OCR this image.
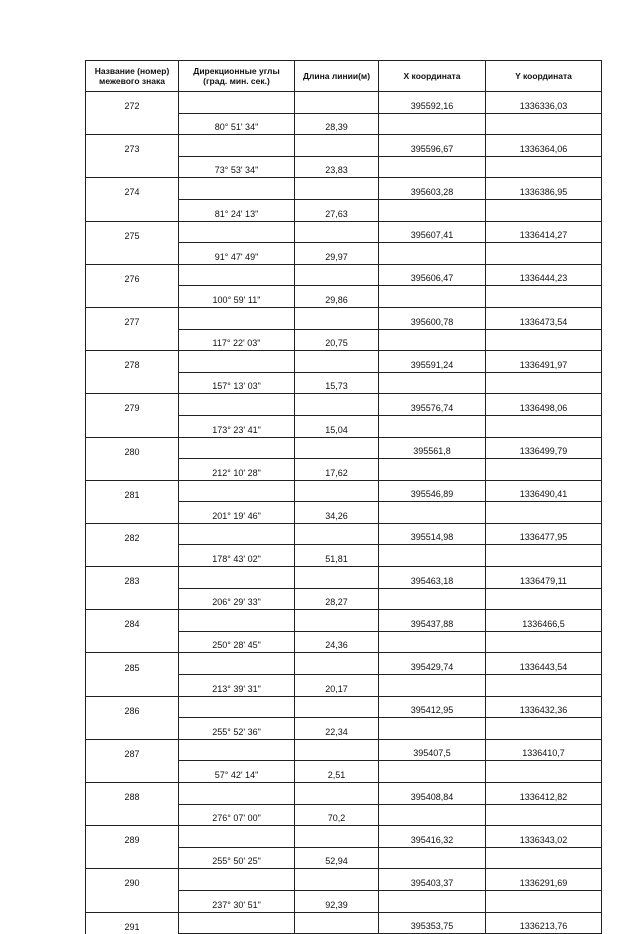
Название (номер) межевого знака	Дирекционные углы (град. мин. сек.)	Длина линии(м)	X координата	Y координата
272			395592,16	1336336,03
	80° 51' 34"	28,39		
273			395596,67	1336364,06
	73° 53' 34"	23,83		
274			395603,28	1336386,95
	81° 24' 13"	27,63		
275			395607,41	1336414,27
	91° 47' 49"	29,97		
276			395606,47	1336444,23
	100° 59' 11"	29,86		
277			395600,78	1336473,54
	117° 22' 03"	20,75		
278			395591,24	1336491,97
	157° 13' 03"	15,73		
279			395576,74	1336498,06
	173° 23' 41"	15,04		
280			395561,8	1336499,79
	212° 10' 28"	17,62		
281			395546,89	1336490,41
	201° 19' 46"	34,26		
282			395514,98	1336477,95
	178° 43' 02"	51,81		
283			395463,18	1336479,11
	206° 29' 33"	28,27		
284			395437,88	1336466,5
	250° 28' 45"	24,36		
285			395429,74	1336443,54
	213° 39' 31"	20,17		
286			395412,95	1336432,36
	255° 52' 36"	22,34		
287			395407,5	1336410,7
	57° 42' 14"	2,51		
288			395408,84	1336412,82
	276° 07' 00"	70,2		
289			395416,32	1336343,02
	255° 50' 25"	52,94		
290			395403,37	1336291,69
	237° 30' 51"	92,39		
291			395353,75	1336213,76
